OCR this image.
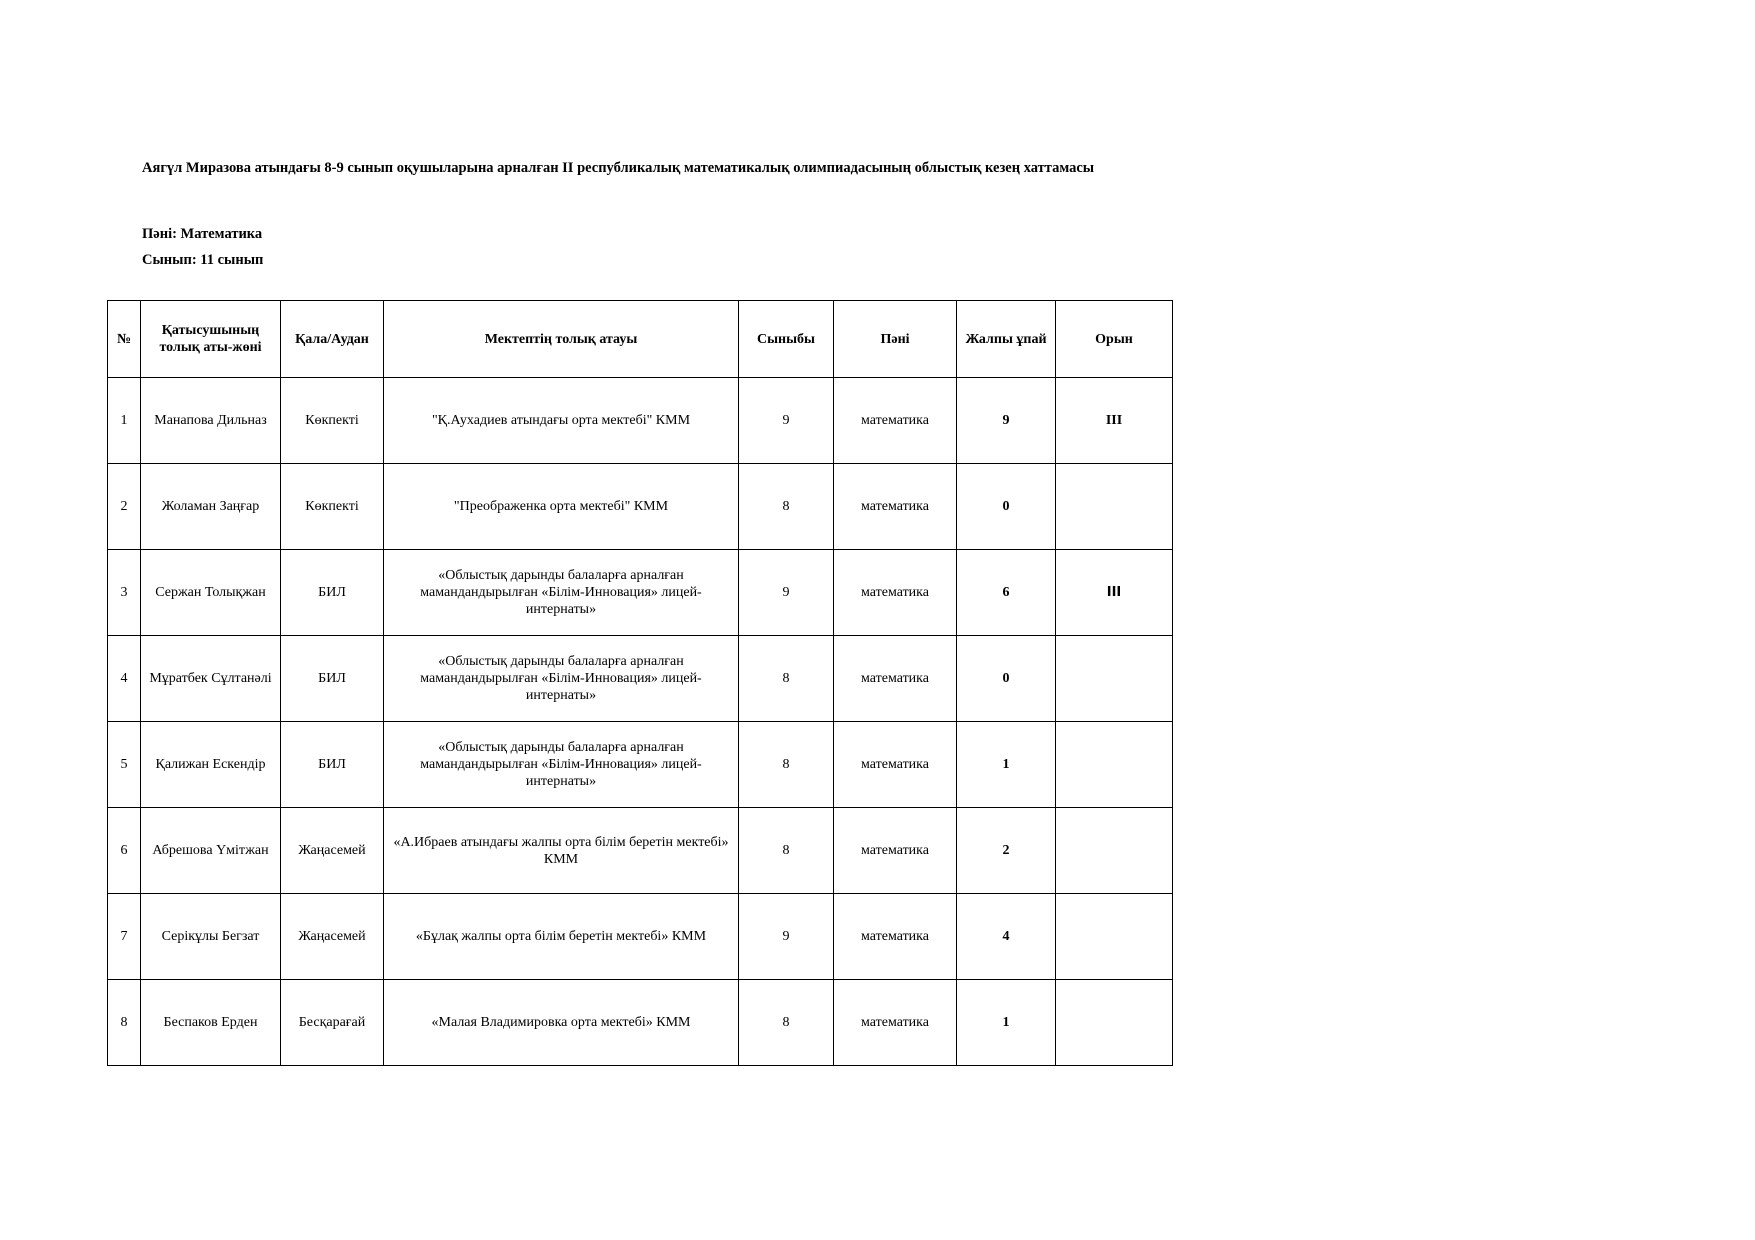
Аягүл Миразова атындағы 8-9 сынып оқушыларына арналған II республикалық математикалық олимпиадасының облыстық кезең хаттамасы
Пәні: Математика
Сынып: 11 сынып
№	Қатысушының толық аты-жөні	Қала/Аудан	Мектептің толық атауы	Сыныбы	Пәні	Жалпы ұпай	Орын
1	Манапова Дильназ	Көкпекті	"Қ.Аухадиев атындағы орта мектебі" КММ	9	математика	9	III
2	Жоламан Заңғар	Көкпекті	"Преображенка орта мектебі" КММ	8	математика	0	
3	Сержан Толықжан	БИЛ	«Облыстық дарынды балаларға арналған мамандандырылған «Білім-Инновация» лицей-интернаты»	9	математика	6	III
4	Мұратбек Сұлтанәлі	БИЛ	«Облыстық дарынды балаларға арналған мамандандырылған «Білім-Инновация» лицей-интернаты»	8	математика	0	
5	Қалижан Ескендір	БИЛ	«Облыстық дарынды балаларға арналған мамандандырылған «Білім-Инновация» лицей-интернаты»	8	математика	1	
6	Абрешова Үмітжан	Жаңасемей	«А.Ибраев атындағы жалпы орта білім беретін мектебі» КММ	8	математика	2	
7	Серікұлы Бегзат	Жаңасемей	«Бұлақ жалпы орта білім беретін мектебі» КММ	9	математика	4	
8	Беспаков Ерден	Бесқарағай	«Малая Владимировка орта мектебі» КММ	8	математика	1	
